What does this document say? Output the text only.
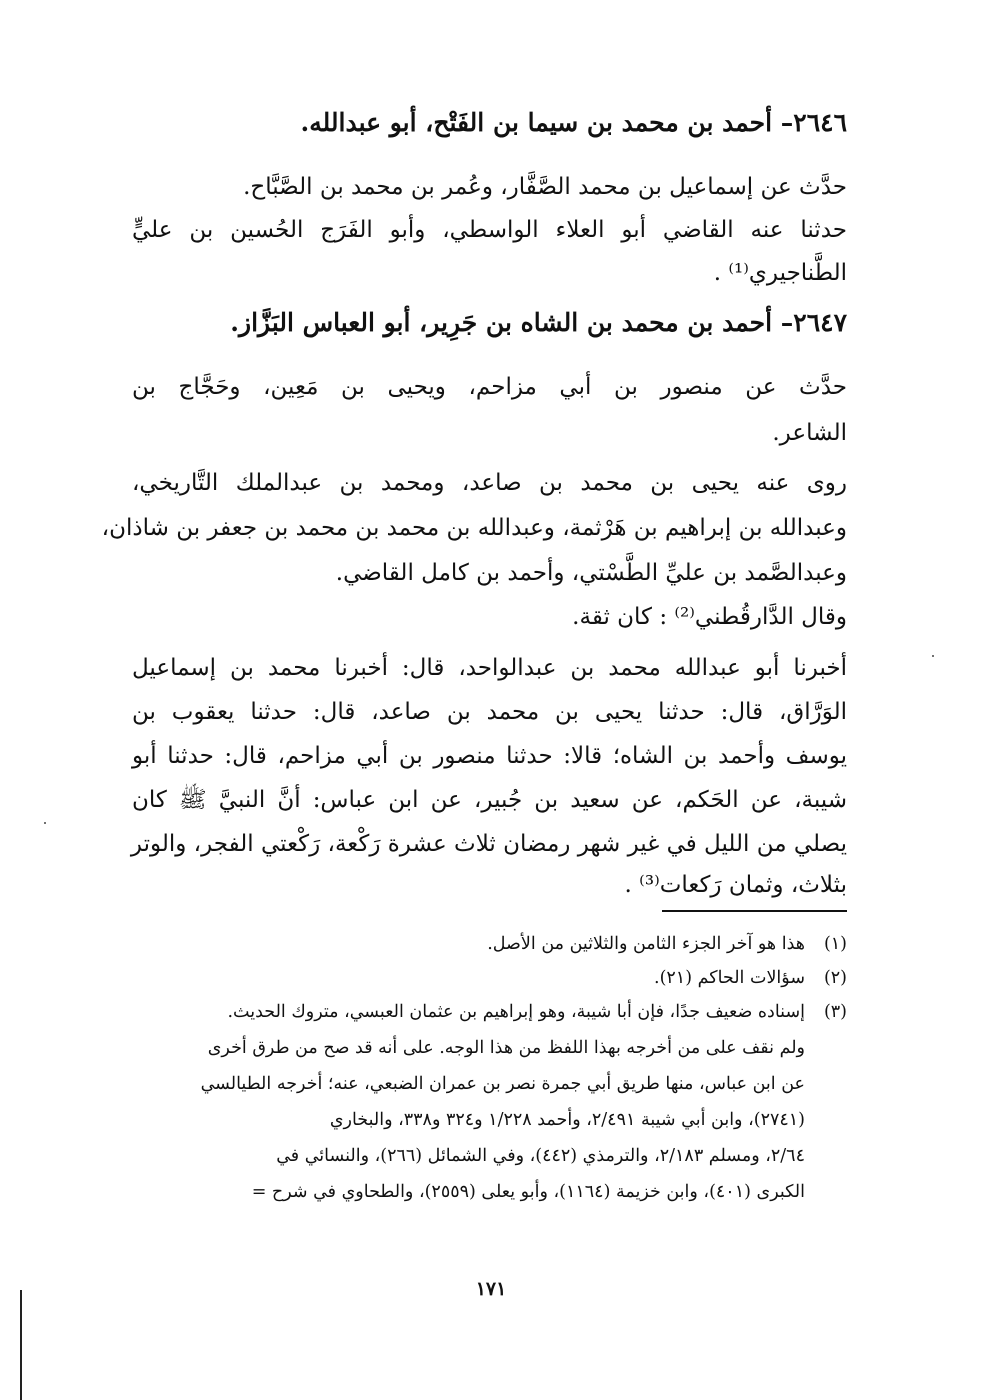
٢٦٤٦– أحمد بن محمد بن سيما بن الفَتْح، أبو عبدالله.
حدَّث عن إسماعيل بن محمد الصَّفَّار، وعُمر بن محمد بن الصَّبَّاح.
حدثنا عنه القاضي أبو العلاء الواسطي، وأبو الفَرَج الحُسين بن عليٍّ
الطَّناجيري⁽¹⁾ .
٢٦٤٧– أحمد بن محمد بن الشاه بن جَرِير، أبو العباس البَزَّاز.
حدَّث عن منصور بن أبي مزاحم، ويحيى بن مَعِين، وحَجَّاج بن
الشاعر.
روى عنه يحيى بن محمد بن صاعد، ومحمد بن عبدالملك التَّاريخي،
وعبدالله بن إبراهيم بن هَرْثمة، وعبدالله بن محمد بن محمد بن جعفر بن شاذان،
وعبدالصَّمد بن عليِّ الطَّسْتي، وأحمد بن كامل القاضي.
وقال الدَّارقُطني⁽²⁾ : كان ثقة.
أخبرنا أبو عبدالله محمد بن عبدالواحد، قال: أخبرنا محمد بن إسماعيل
الوَرَّاق، قال: حدثنا يحيى بن محمد بن صاعد، قال: حدثنا يعقوب بن
يوسف وأحمد بن الشاه؛ قالا: حدثنا منصور بن أبي مزاحم، قال: حدثنا أبو
شيبة، عن الحَكم، عن سعيد بن جُبير، عن ابن عباس: أنَّ النبيَّ ﷺ كان
يصلي من الليل في غير شهر رمضان ثلاث عشرة رَكْعة، رَكْعتي الفجر، والوتر
بثلاث، وثمان رَكعات⁽³⁾ .
(١)هذا هو آخر الجزء الثامن والثلاثين من الأصل.
(٢)سؤالات الحاكم (٢١).
(٣)إسناده ضعيف جدًا، فإن أبا شيبة، وهو إبراهيم بن عثمان العبسي، متروك الحديث.
ولم نقف على من أخرجه بهذا اللفظ من هذا الوجه. على أنه قد صح من طرق أخرى
عن ابن عباس، منها طريق أبي جمرة نصر بن عمران الضبعي، عنه؛ أخرجه الطيالسي
(٢٧٤١)، وابن أبي شيبة ٢/٤٩١، وأحمد ١/٢٢٨ و٣٢٤ و٣٣٨، والبخاري
٢/٦٤، ومسلم ٢/١٨٣، والترمذي (٤٤٢)، وفي الشمائل (٢٦٦)، والنسائي في
الكبرى (٤٠١)، وابن خزيمة (١١٦٤)، وأبو يعلى (٢٥٥٩)، والطحاوي في شرح =
١٧١
